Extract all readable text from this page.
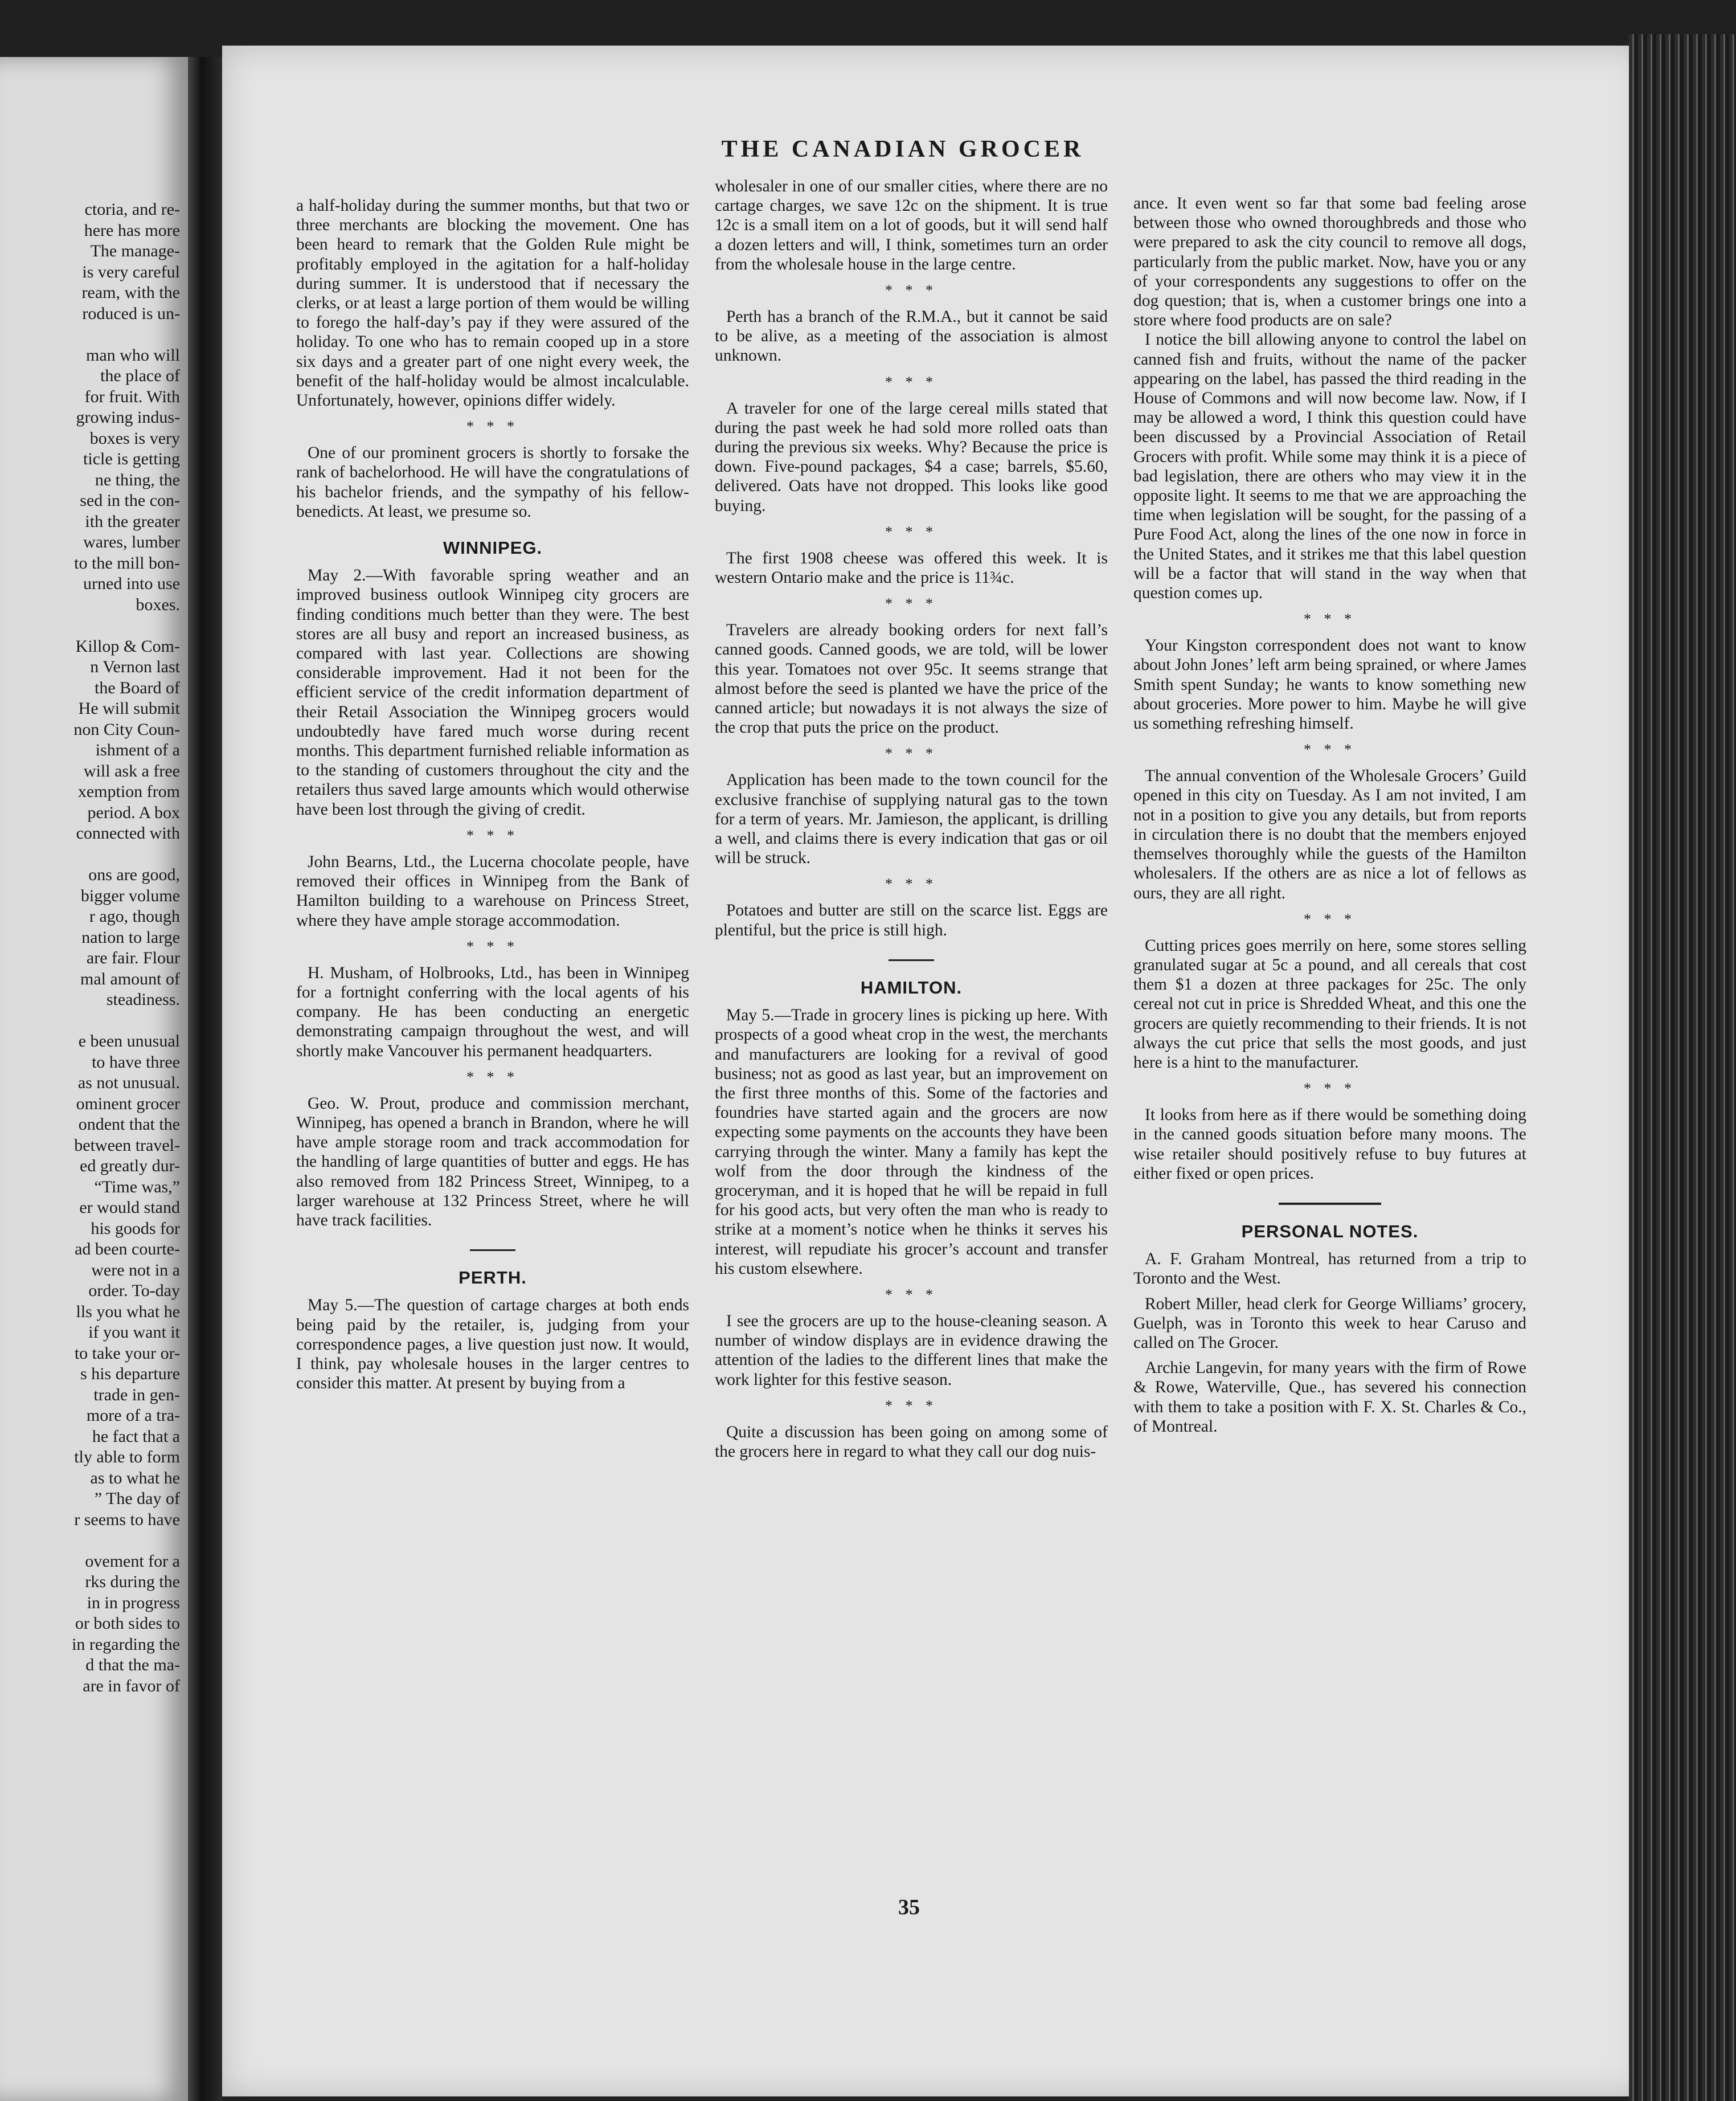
ctoria, and re-
here has more
The manage-
is very careful
ream, with the
roduced is un-
man who will
the place of
for fruit. With
growing indus-
boxes is very
ticle is getting
ne thing, the
sed in the con-
ith the greater
wares, lumber
to the mill bon-
urned into use
boxes.
Killop & Com-
n Vernon last
the Board of
He will submit
non City Coun-
ishment of a
will ask a free
xemption from
period. A box
connected with
ons are good,
bigger volume
r ago, though
nation to large
are fair. Flour
mal amount of
steadiness.
e been unusual
to have three
as not unusual.
ominent grocer
ondent that the
between travel-
ed greatly dur-
“Time was,”
er would stand
his goods for
ad been courte-
were not in a
order. To-day
lls you what he
if you want it
to take your or-
s his departure
trade in gen-
more of a tra-
he fact that a
tly able to form
as to what he
” The day of
r seems to have
ovement for a
rks during the
in in progress
or both sides to
in regarding the
d that the ma-
are in favor of
THE CANADIAN GROCER

a half-holiday during the summer months, but that two or three merchants are blocking the movement. One has been heard to remark that the Golden Rule might be profitably employed in the agitation for a half-holiday during summer. It is understood that if necessary the clerks, or at least a large portion of them would be willing to forego the half-day’s pay if they were assured of the holiday. To one who has to remain cooped up in a store six days and a greater part of one night every week, the benefit of the half-holiday would be almost incalculable. Unfortunately, however, opinions differ widely.

* * *

One of our prominent grocers is shortly to forsake the rank of bachelorhood. He will have the congratulations of his bachelor friends, and the sympathy of his fellow-benedicts. At least, we presume so.

WINNIPEG.

May 2.—With favorable spring weather and an improved business outlook Winnipeg city grocers are finding conditions much better than they were. The best stores are all busy and report an increased business, as compared with last year. Collections are showing considerable improvement. Had it not been for the efficient service of the credit information department of their Retail Association the Winnipeg grocers would undoubtedly have fared much worse during recent months. This department furnished reliable information as to the standing of customers throughout the city and the retailers thus saved large amounts which would otherwise have been lost through the giving of credit.

* * *

John Bearns, Ltd., the Lucerna chocolate people, have removed their offices in Winnipeg from the Bank of Hamilton building to a warehouse on Princess Street, where they have ample storage accommodation.

* * *

H. Musham, of Holbrooks, Ltd., has been in Winnipeg for a fortnight conferring with the local agents of his company. He has been conducting an energetic demonstrating campaign throughout the west, and will shortly make Vancouver his permanent headquarters.

* * *

Geo. W. Prout, produce and commission merchant, Winnipeg, has opened a branch in Brandon, where he will have ample storage room and track accommodation for the handling of large quantities of butter and eggs. He has also removed from 182 Princess Street, Winnipeg, to a larger warehouse at 132 Princess Street, where he will have track facilities.

PERTH.

May 5.—The question of cartage charges at both ends being paid by the retailer, is, judging from your correspondence pages, a live question just now. It would, I think, pay wholesale houses in the larger centres to consider this matter. At present by buying from a

wholesaler in one of our smaller cities, where there are no cartage charges, we save 12c on the shipment. It is true 12c is a small item on a lot of goods, but it will send half a dozen letters and will, I think, sometimes turn an order from the wholesale house in the large centre.

* * *

Perth has a branch of the R.M.A., but it cannot be said to be alive, as a meeting of the association is almost unknown.

* * *

A traveler for one of the large cereal mills stated that during the past week he had sold more rolled oats than during the previous six weeks. Why? Because the price is down. Five-pound packages, $4 a case; barrels, $5.60, delivered. Oats have not dropped. This looks like good buying.

* * *

The first 1908 cheese was offered this week. It is western Ontario make and the price is 11¾c.

* * *

Travelers are already booking orders for next fall’s canned goods. Canned goods, we are told, will be lower this year. Tomatoes not over 95c. It seems strange that almost before the seed is planted we have the price of the canned article; but nowadays it is not always the size of the crop that puts the price on the product.

* * *

Application has been made to the town council for the exclusive franchise of supplying natural gas to the town for a term of years. Mr. Jamieson, the applicant, is drilling a well, and claims there is every indication that gas or oil will be struck.

* * *

Potatoes and butter are still on the scarce list. Eggs are plentiful, but the price is still high.

HAMILTON.

May 5.—Trade in grocery lines is picking up here. With prospects of a good wheat crop in the west, the merchants and manufacturers are looking for a revival of good business; not as good as last year, but an improvement on the first three months of this. Some of the factories and foundries have started again and the grocers are now expecting some payments on the accounts they have been carrying through the winter. Many a family has kept the wolf from the door through the kindness of the groceryman, and it is hoped that he will be repaid in full for his good acts, but very often the man who is ready to strike at a moment’s notice when he thinks it serves his interest, will repudiate his grocer’s account and transfer his custom elsewhere.

* * *

I see the grocers are up to the house-cleaning season. A number of window displays are in evidence drawing the attention of the ladies to the different lines that make the work lighter for this festive season.

* * *

Quite a discussion has been going on among some of the grocers here in regard to what they call our dog nuis-

ance. It even went so far that some bad feeling arose between those who owned thoroughbreds and those who were prepared to ask the city council to remove all dogs, particularly from the public market. Now, have you or any of your correspondents any suggestions to offer on the dog question; that is, when a customer brings one into a store where food products are on sale?

I notice the bill allowing anyone to control the label on canned fish and fruits, without the name of the packer appearing on the label, has passed the third reading in the House of Commons and will now become law. Now, if I may be allowed a word, I think this question could have been discussed by a Provincial Association of Retail Grocers with profit. While some may think it is a piece of bad legislation, there are others who may view it in the opposite light. It seems to me that we are approaching the time when legislation will be sought, for the passing of a Pure Food Act, along the lines of the one now in force in the United States, and it strikes me that this label question will be a factor that will stand in the way when that question comes up.

* * *

Your Kingston correspondent does not want to know about John Jones’ left arm being sprained, or where James Smith spent Sunday; he wants to know something new about groceries. More power to him. Maybe he will give us something refreshing himself.

* * *

The annual convention of the Wholesale Grocers’ Guild opened in this city on Tuesday. As I am not invited, I am not in a position to give you any details, but from reports in circulation there is no doubt that the members enjoyed themselves thoroughly while the guests of the Hamilton wholesalers. If the others are as nice a lot of fellows as ours, they are all right.

* * *

Cutting prices goes merrily on here, some stores selling granulated sugar at 5c a pound, and all cereals that cost them $1 a dozen at three packages for 25c. The only cereal not cut in price is Shredded Wheat, and this one the grocers are quietly recommending to their friends. It is not always the cut price that sells the most goods, and just here is a hint to the manufacturer.

* * *

It looks from here as if there would be something doing in the canned goods situation before many moons. The wise retailer should positively refuse to buy futures at either fixed or open prices.

PERSONAL NOTES.

A. F. Graham Montreal, has returned from a trip to Toronto and the West.

Robert Miller, head clerk for George Williams’ grocery, Guelph, was in Toronto this week to hear Caruso and called on The Grocer.

Archie Langevin, for many years with the firm of Rowe & Rowe, Waterville, Que., has severed his connection with them to take a position with F. X. St. Charles & Co., of Montreal.

35
